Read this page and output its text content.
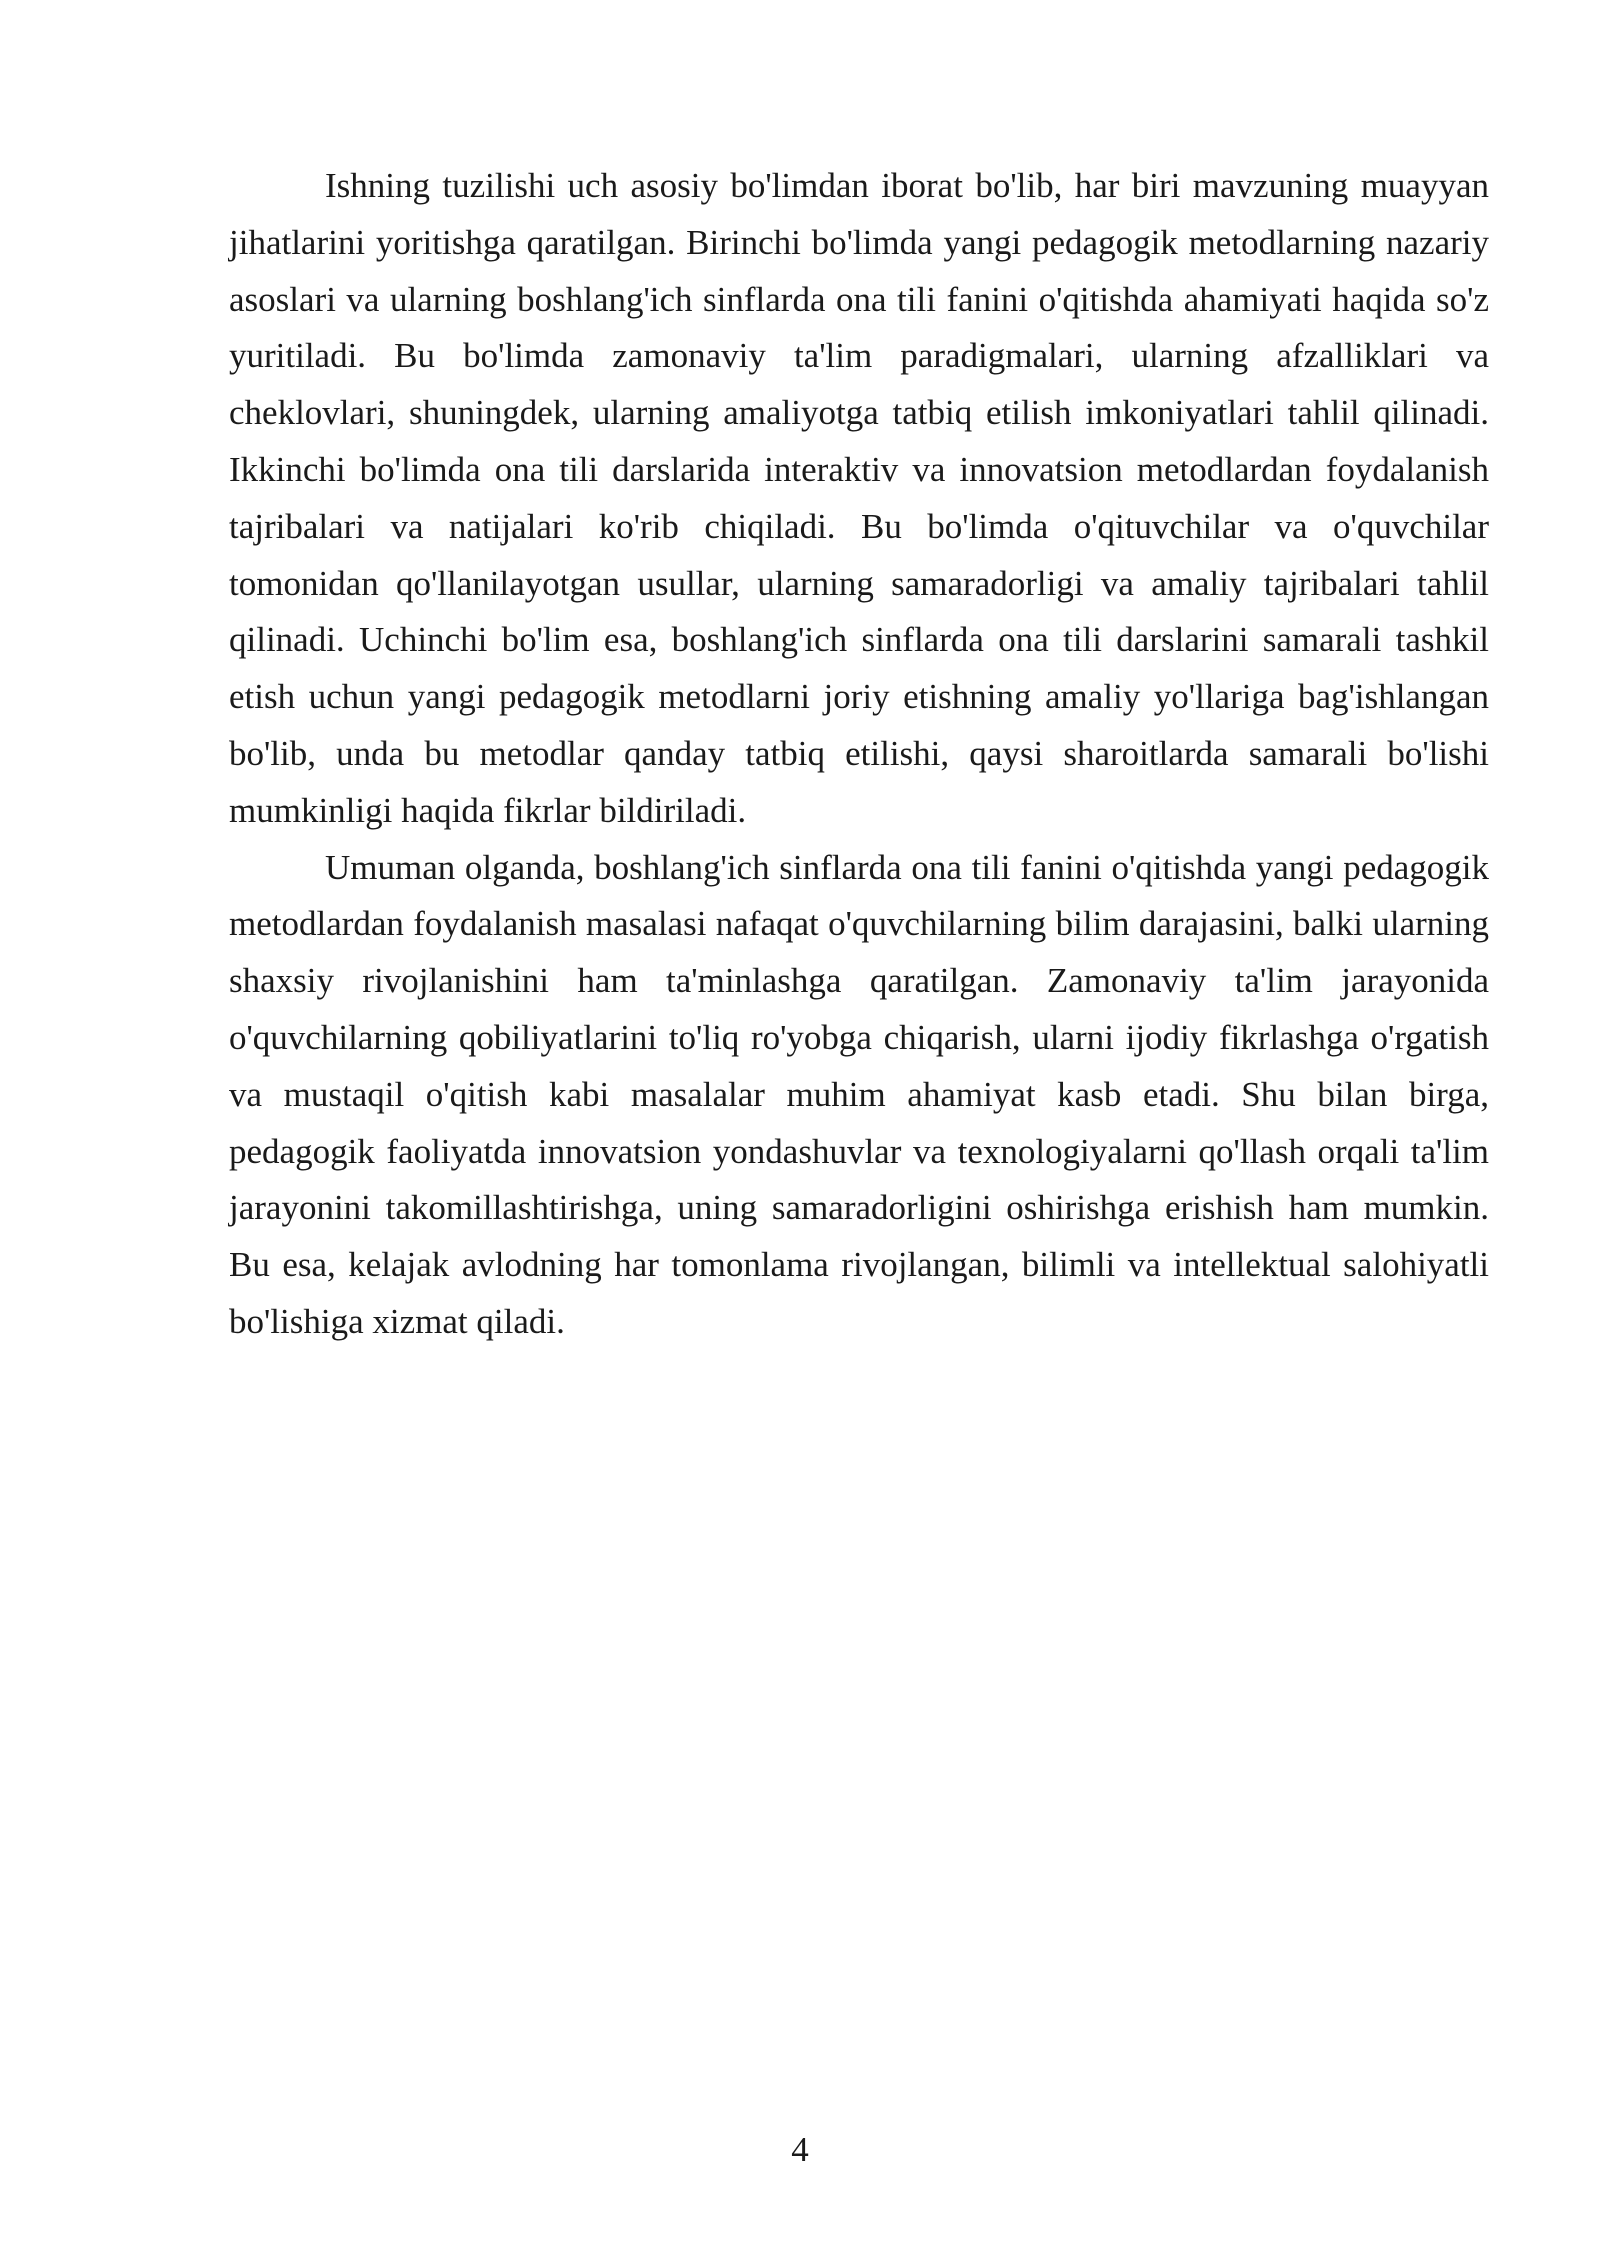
Ishning tuzilishi uch asosiy bo'limdan iborat bo'lib, har biri mavzuning muayyan jihatlarini yoritishga qaratilgan. Birinchi bo'limda yangi pedagogik metodlarning nazariy asoslari va ularning boshlang'ich sinflarda ona tili fanini o'qitishda ahamiyati haqida so'z yuritiladi. Bu bo'limda zamonaviy ta'lim paradigmalari, ularning afzalliklari va cheklovlari, shuningdek, ularning amaliyotga tatbiq etilish imkoniyatlari tahlil qilinadi. Ikkinchi bo'limda ona tili darslarida interaktiv va innovatsion metodlardan foydalanish tajribalari va natijalari ko'rib chiqiladi. Bu bo'limda o'qituvchilar va o'quvchilar tomonidan qo'llanilayotgan usullar, ularning samaradorligi va amaliy tajribalari tahlil qilinadi. Uchinchi bo'lim esa, boshlang'ich sinflarda ona tili darslarini samarali tashkil etish uchun yangi pedagogik metodlarni joriy etishning amaliy yo'llariga bag'ishlangan bo'lib, unda bu metodlar qanday tatbiq etilishi, qaysi sharoitlarda samarali bo'lishi mumkinligi haqida fikrlar bildiriladi.

Umuman olganda, boshlang'ich sinflarda ona tili fanini o'qitishda yangi pedagogik metodlardan foydalanish masalasi nafaqat o'quvchilarning bilim darajasini, balki ularning shaxsiy rivojlanishini ham ta'minlashga qaratilgan. Zamonaviy ta'lim jarayonida o'quvchilarning qobiliyatlarini to'liq ro'yobga chiqarish, ularni ijodiy fikrlashga o'rgatish va mustaqil o'qitish kabi masalalar muhim ahamiyat kasb etadi. Shu bilan birga, pedagogik faoliyatda innovatsion yondashuvlar va texnologiyalarni qo'llash orqali ta'lim jarayonini takomillashtirishga, uning samaradorligini oshirishga erishish ham mumkin. Bu esa, kelajak avlodning har tomonlama rivojlangan, bilimli va intellektual salohiyatli bo'lishiga xizmat qiladi.

4
